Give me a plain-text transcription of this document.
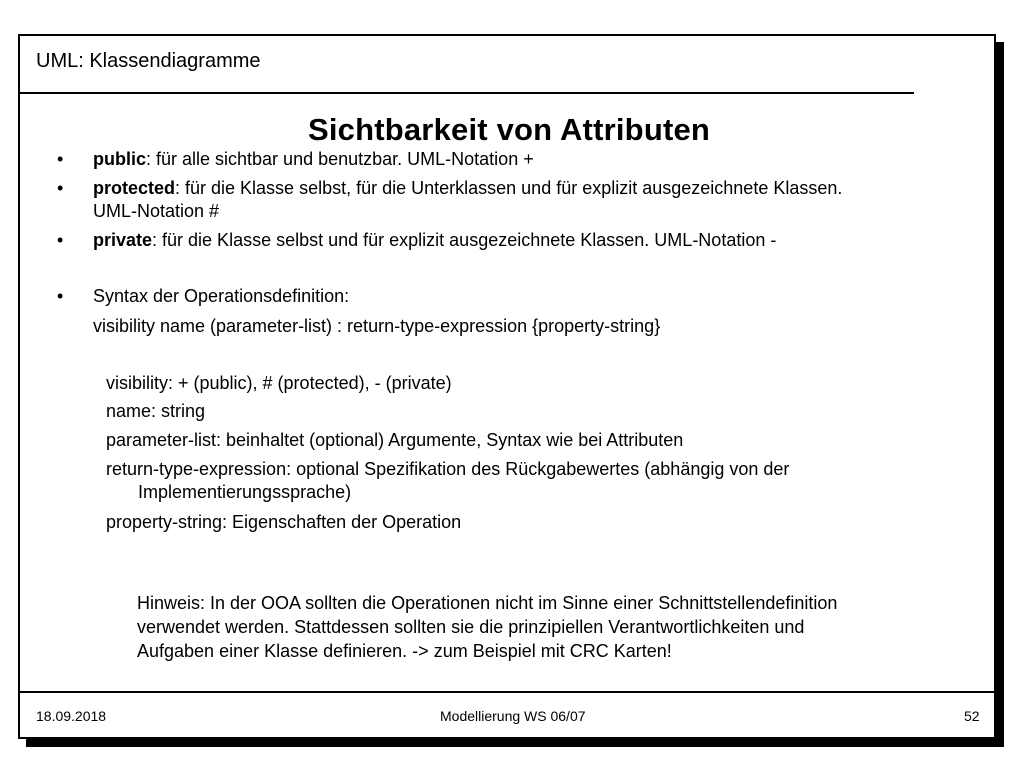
UML: Klassendiagramme
Sichtbarkeit von Attributen
• public: für alle sichtbar und benutzbar. UML-Notation +
• protected: für die Klasse selbst, für die Unterklassen und für explizit ausgezeichnete Klassen.
UML-Notation #
• private: für die Klasse selbst und für explizit ausgezeichnete Klassen. UML-Notation -
• Syntax der Operationsdefinition:
visibility name (parameter-list) : return-type-expression {property-string}
visibility: + (public), # (protected), - (private)
name: string
parameter-list: beinhaltet (optional) Argumente, Syntax wie bei Attributen
return-type-expression: optional Spezifikation des Rückgabewertes (abhängig von der
Implementierungssprache)
property-string: Eigenschaften der Operation
Hinweis: In der OOA sollten die Operationen nicht im Sinne einer Schnittstellendefinition
verwendet werden. Stattdessen sollten sie die prinzipiellen Verantwortlichkeiten und
Aufgaben einer Klasse definieren. -> zum Beispiel mit CRC Karten!
18.09.2018	Modellierung WS 06/07	52
